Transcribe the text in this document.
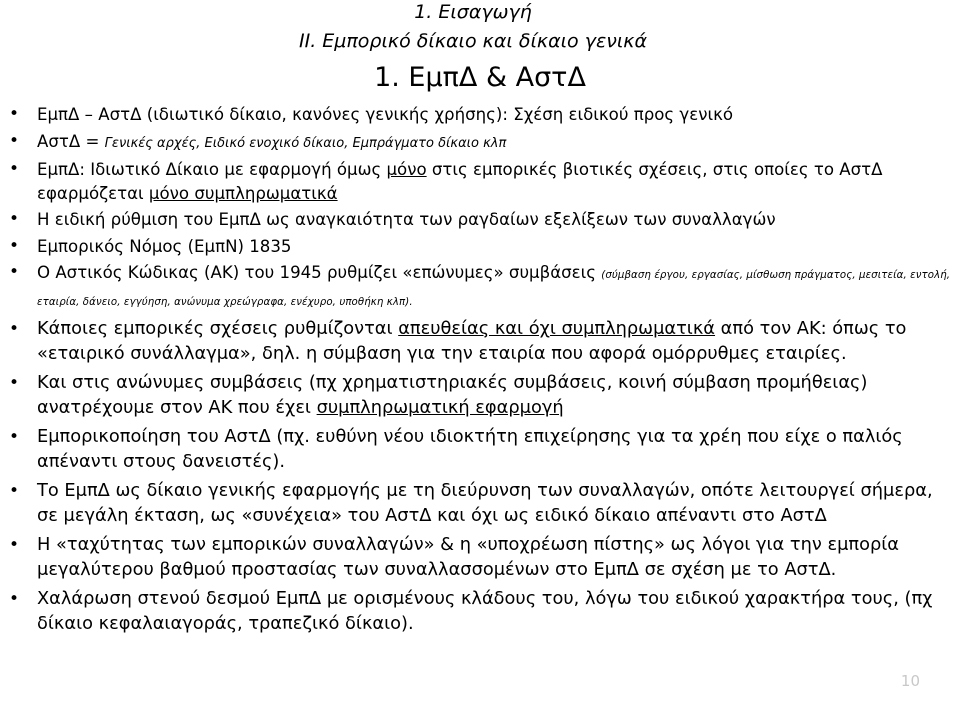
1. Εισαγωγή
ΙΙ. Εμπορικό δίκαιο και δίκαιο γενικά
1. ΕμπΔ & ΑστΔ
• ΕμπΔ – ΑστΔ (ιδιωτικό δίκαιο, κανόνες γενικής χρήσης): Σχέση ειδικού προς γενικό
• ΑστΔ = Γενικές αρχές, Ειδικό ενοχικό δίκαιο, Εμπράγματο δίκαιο κλπ
• ΕμπΔ: Ιδιωτικό Δίκαιο με εφαρμογή όμως μόνο στις εμπορικές βιοτικές σχέσεις, στις οποίες το ΑστΔ εφαρμόζεται μόνο συμπληρωματικά
• Η ειδική ρύθμιση του ΕμπΔ ως αναγκαιότητα των ραγδαίων εξελίξεων των συναλλαγών
• Εμπορικός Νόμος (ΕμπΝ) 1835
• Ο Αστικός Κώδικας (ΑΚ) του 1945 ρυθμίζει «επώνυμες» συμβάσεις (σύμβαση έργου, εργασίας, μίσθωση πράγματος, μεσιτεία, εντολή, εταιρία, δάνειο, εγγύηση, ανώνυμα χρεώγραφα, ενέχυρο, υποθήκη κλπ).
• Κάποιες εμπορικές σχέσεις ρυθμίζονται απευθείας και όχι συμπληρωματικά από τον ΑΚ: όπως το «εταιρικό συνάλλαγμα», δηλ. η σύμβαση για την εταιρία που αφορά ομόρρυθμες εταιρίες.
• Και στις ανώνυμες συμβάσεις (πχ χρηματιστηριακές συμβάσεις, κοινή σύμβαση προμήθειας) ανατρέχουμε στον ΑΚ που έχει συμπληρωματική εφαρμογή
• Εμπορικοποίηση του ΑστΔ (πχ. ευθύνη νέου ιδιοκτήτη επιχείρησης για τα χρέη που είχε ο παλιός απέναντι στους δανειστές).
• Το ΕμπΔ ως δίκαιο γενικής εφαρμογής με τη διεύρυνση των συναλλαγών, οπότε λειτουργεί σήμερα, σε μεγάλη έκταση, ως «συνέχεια» του ΑστΔ και όχι ως ειδικό δίκαιο απέναντι στο ΑστΔ
• Η «ταχύτητας των εμπορικών συναλλαγών» & η «υποχρέωση πίστης» ως λόγοι για την εμπορία μεγαλύτερου βαθμού προστασίας των συναλλασσομένων στο ΕμπΔ σε σχέση με το ΑστΔ.
• Χαλάρωση στενού δεσμού ΕμπΔ με ορισμένους κλάδους του, λόγω του ειδικού χαρακτήρα τους, (πχ δίκαιο κεφαλαιαγοράς, τραπεζικό δίκαιο).
10
